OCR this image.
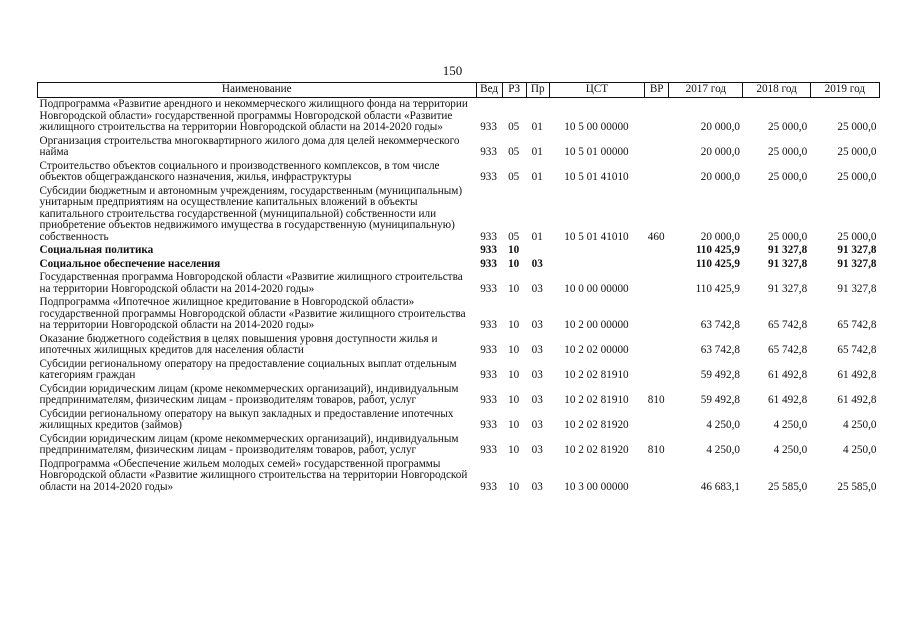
150
Наименование	Вед	РЗ	Пр	ЦСТ	ВР	2017 год	2018 год	2019 год
Подпрограмма «Развитие арендного и некоммерческого жилищного фонда на территории Новгородской области» государственной программы Новгородской области «Развитие жилищного строительства на территории Новгородской области на 2014-2020 годы»	933	05	01	10 5 00 00000		20 000,0	25 000,0	25 000,0
Организация строительства многоквартирного жилого дома для целей некоммерческого найма	933	05	01	10 5 01 00000		20 000,0	25 000,0	25 000,0
Строительство объектов социального и производственного комплексов, в том числе объектов общегражданского назначения, жилья, инфраструктуры	933	05	01	10 5 01 41010		20 000,0	25 000,0	25 000,0
Субсидии бюджетным и автономным учреждениям, государственным (муниципальным) унитарным предприятиям на осуществление капитальных вложений в объекты капитального строительства государственной (муниципальной) собственности или приобретение объектов недвижимого имущества в государственную (муниципальную) собственность	933	05	01	10 5 01 41010	460	20 000,0	25 000,0	25 000,0
Социальная политика	933	10				110 425,9	91 327,8	91 327,8
Социальное обеспечение населения	933	10	03			110 425,9	91 327,8	91 327,8
Государственная программа Новгородской области «Развитие жилищного строительства на территории Новгородской области на 2014-2020 годы»	933	10	03	10 0 00 00000		110 425,9	91 327,8	91 327,8
Подпрограмма «Ипотечное жилищное кредитование в Новгородской области» государственной программы Новгородской области «Развитие жилищного строительства на территории Новгородской области на 2014-2020 годы»	933	10	03	10 2 00 00000		63 742,8	65 742,8	65 742,8
Оказание бюджетного содействия в целях повышения уровня доступности жилья и ипотечных жилищных кредитов для населения области	933	10	03	10 2 02 00000		63 742,8	65 742,8	65 742,8
Субсидии региональному оператору на предоставление социальных выплат отдельным категориям граждан	933	10	03	10 2 02 81910		59 492,8	61 492,8	61 492,8
Субсидии юридическим лицам (кроме некоммерческих организаций), индивидуальным предпринимателям, физическим лицам - производителям товаров, работ, услуг	933	10	03	10 2 02 81910	810	59 492,8	61 492,8	61 492,8
Субсидии региональному оператору на выкуп закладных и предоставление ипотечных жилищных кредитов (займов)	933	10	03	10 2 02 81920		4 250,0	4 250,0	4 250,0
Субсидии юридическим лицам (кроме некоммерческих организаций), индивидуальным предпринимателям, физическим лицам - производителям товаров, работ, услуг	933	10	03	10 2 02 81920	810	4 250,0	4 250,0	4 250,0
Подпрограмма «Обеспечение жильем молодых семей» государственной программы Новгородской области «Развитие жилищного строительства на территории Новгородской области на 2014-2020 годы»	933	10	03	10 3 00 00000		46 683,1	25 585,0	25 585,0
